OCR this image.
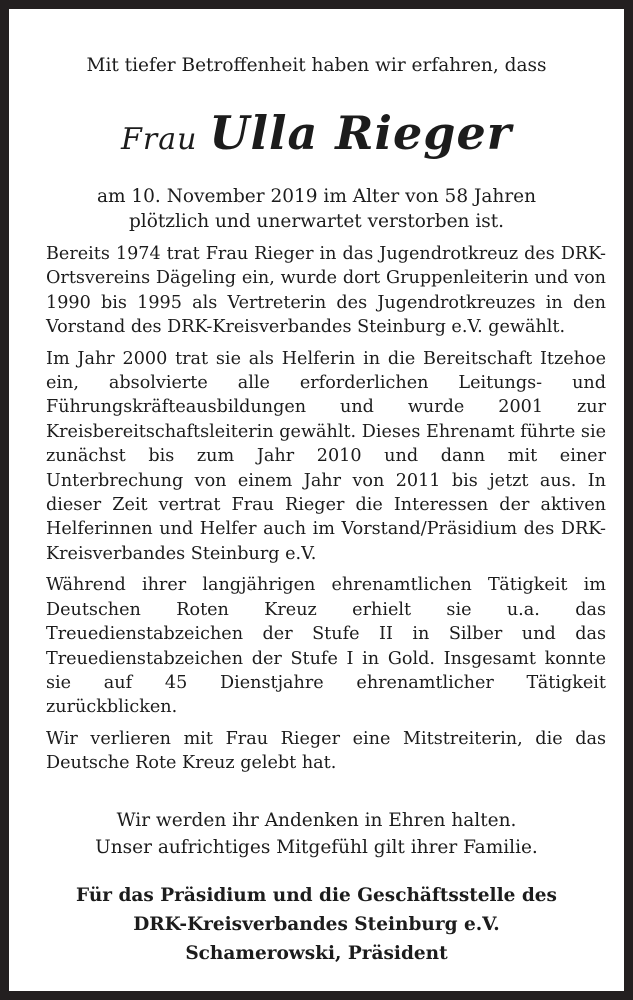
Mit tiefer Betroffenheit haben wir erfahren, dass
Frau Ulla Rieger
am 10. November 2019 im Alter von 58 Jahren
plötzlich und unerwartet verstorben ist.

Bereits 1974 trat Frau Rieger in das Jugendrotkreuz des DRK-Ortsvereins Dägeling ein, wurde dort Gruppenleiterin und von 1990 bis 1995 als Vertreterin des Jugendrotkreuzes in den Vorstand des DRK-Kreisverbandes Steinburg e.V. gewählt.

Im Jahr 2000 trat sie als Helferin in die Bereitschaft Itzehoe ein, absolvierte alle erforderlichen Leitungs- und Führungskräfteausbildungen und wurde 2001 zur Kreisbereitschaftsleiterin gewählt. Dieses Ehrenamt führte sie zunächst bis zum Jahr 2010 und dann mit einer Unterbrechung von einem Jahr von 2011 bis jetzt aus. In dieser Zeit vertrat Frau Rieger die Interessen der aktiven Helferinnen und Helfer auch im Vorstand/Präsidium des DRK-Kreisverbandes Steinburg e.V.

Während ihrer langjährigen ehrenamtlichen Tätigkeit im Deutschen Roten Kreuz erhielt sie u.a. das Treuedienstabzeichen der Stufe II in Silber und das Treuedienstabzeichen der Stufe I in Gold. Insgesamt konnte sie auf 45 Dienstjahre ehrenamtlicher Tätigkeit zurückblicken.

Wir verlieren mit Frau Rieger eine Mitstreiterin, die das Deutsche Rote Kreuz gelebt hat.

Wir werden ihr Andenken in Ehren halten.
Unser aufrichtiges Mitgefühl gilt ihrer Familie.
Für das Präsidium und die Geschäftsstelle des
DRK-Kreisverbandes Steinburg e.V.
Schamerowski, Präsident
